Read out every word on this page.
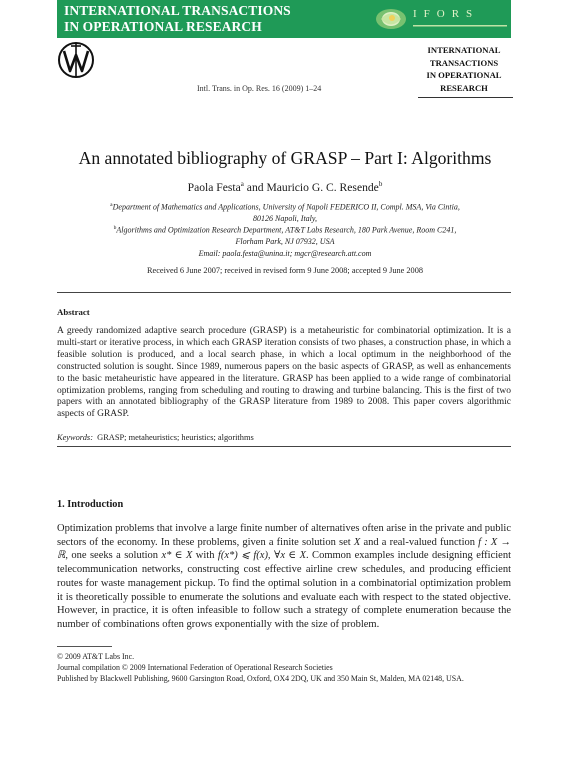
INTERNATIONAL TRANSACTIONS
IN OPERATIONAL RESEARCH
IFORS
Intl. Trans. in Op. Res. 16 (2009) 1–24
INTERNATIONAL
TRANSACTIONS
IN OPERATIONAL
RESEARCH
An annotated bibliography of GRASP – Part I: Algorithms
Paola Festa$^a$ and Mauricio G. C. Resende$^b$
$^a$Department of Mathematics and Applications, University of Napoli FEDERICO II, Compl. MSA, Via Cintia,
80126 Napoli, Italy,
$^b$Algorithms and Optimization Research Department, AT&T Labs Research, 180 Park Avenue, Room C241,
Florham Park, NJ 07932, USA
Email: paola.festa@unina.it; mgcr@research.att.com
Received 6 June 2007; received in revised form 9 June 2008; accepted 9 June 2008
Abstract
A greedy randomized adaptive search procedure (GRASP) is a metaheuristic for combinatorial optimization. It is a multi-start or iterative process, in which each GRASP iteration consists of two phases, a construction phase, in which a feasible solution is produced, and a local search phase, in which a local optimum in the neighborhood of the constructed solution is sought. Since 1989, numerous papers on the basic aspects of GRASP, as well as enhancements to the basic metaheuristic have appeared in the literature. GRASP has been applied to a wide range of combinatorial optimization problems, ranging from scheduling and routing to drawing and turbine balancing. This is the first of two papers with an annotated bibliography of the GRASP literature from 1989 to 2008. This paper covers algorithmic aspects of GRASP.
Keywords: GRASP; metaheuristics; heuristics; algorithms
1. Introduction
Optimization problems that involve a large finite number of alternatives often arise in the private and public sectors of the economy. In these problems, given a finite solution set X and a real-valued function f : X → ℝ, one seeks a solution x* ∈ X with f(x*) ⩽ f(x), ∀x ∈ X. Common examples include designing efficient telecommunication networks, constructing cost effective airline crew schedules, and producing efficient routes for waste management pickup. To find the optimal solution in a combinatorial optimization problem it is theoretically possible to enumerate the solutions and evaluate each with respect to the stated objective. However, in practice, it is often infeasible to follow such a strategy of complete enumeration because the number of combinations often grows exponentially with the size of problem.
© 2009 AT&T Labs Inc.
Journal compilation © 2009 International Federation of Operational Research Societies
Published by Blackwell Publishing, 9600 Garsington Road, Oxford, OX4 2DQ, UK and 350 Main St, Malden, MA 02148, USA.
